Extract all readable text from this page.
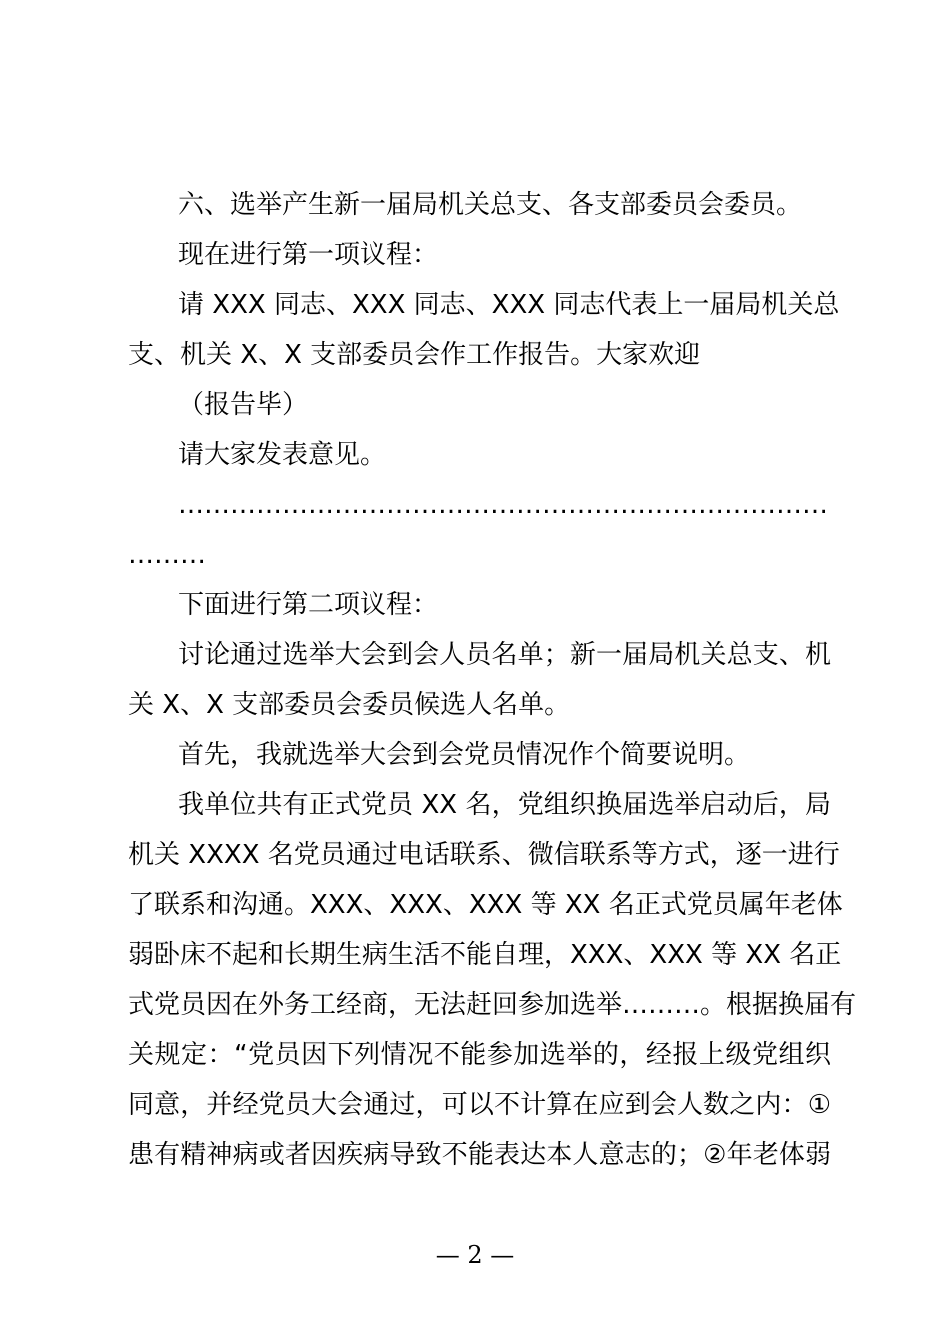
六、选举产生新一届局机关总支、各支部委员会委员。
现在进行第一项议程：
请 XXX 同志、XXX 同志、XXX 同志代表上一届局机关总
支、机关 X、X 支部委员会作工作报告。大家欢迎
（报告毕）
请大家发表意见。
…………………………………………………………………
………
下面进行第二项议程：
讨论通过选举大会到会人员名单；新一届局机关总支、机
关 X、X 支部委员会委员候选人名单。
首先，我就选举大会到会党员情况作个简要说明。
我单位共有正式党员 XX 名，党组织换届选举启动后，局
机关 XXXX 名党员通过电话联系、微信联系等方式，逐一进行
了联系和沟通。XXX、XXX、XXX 等 XX 名正式党员属年老体
弱卧床不起和长期生病生活不能自理，XXX、XXX 等 XX 名正
式党员因在外务工经商，无法赶回参加选举………。根据换届有
关规定：“党员因下列情况不能参加选举的，经报上级党组织
同意，并经党员大会通过，可以不计算在应到会人数之内：①
患有精神病或者因疾病导致不能表达本人意志的；②年老体弱
— 2 —
